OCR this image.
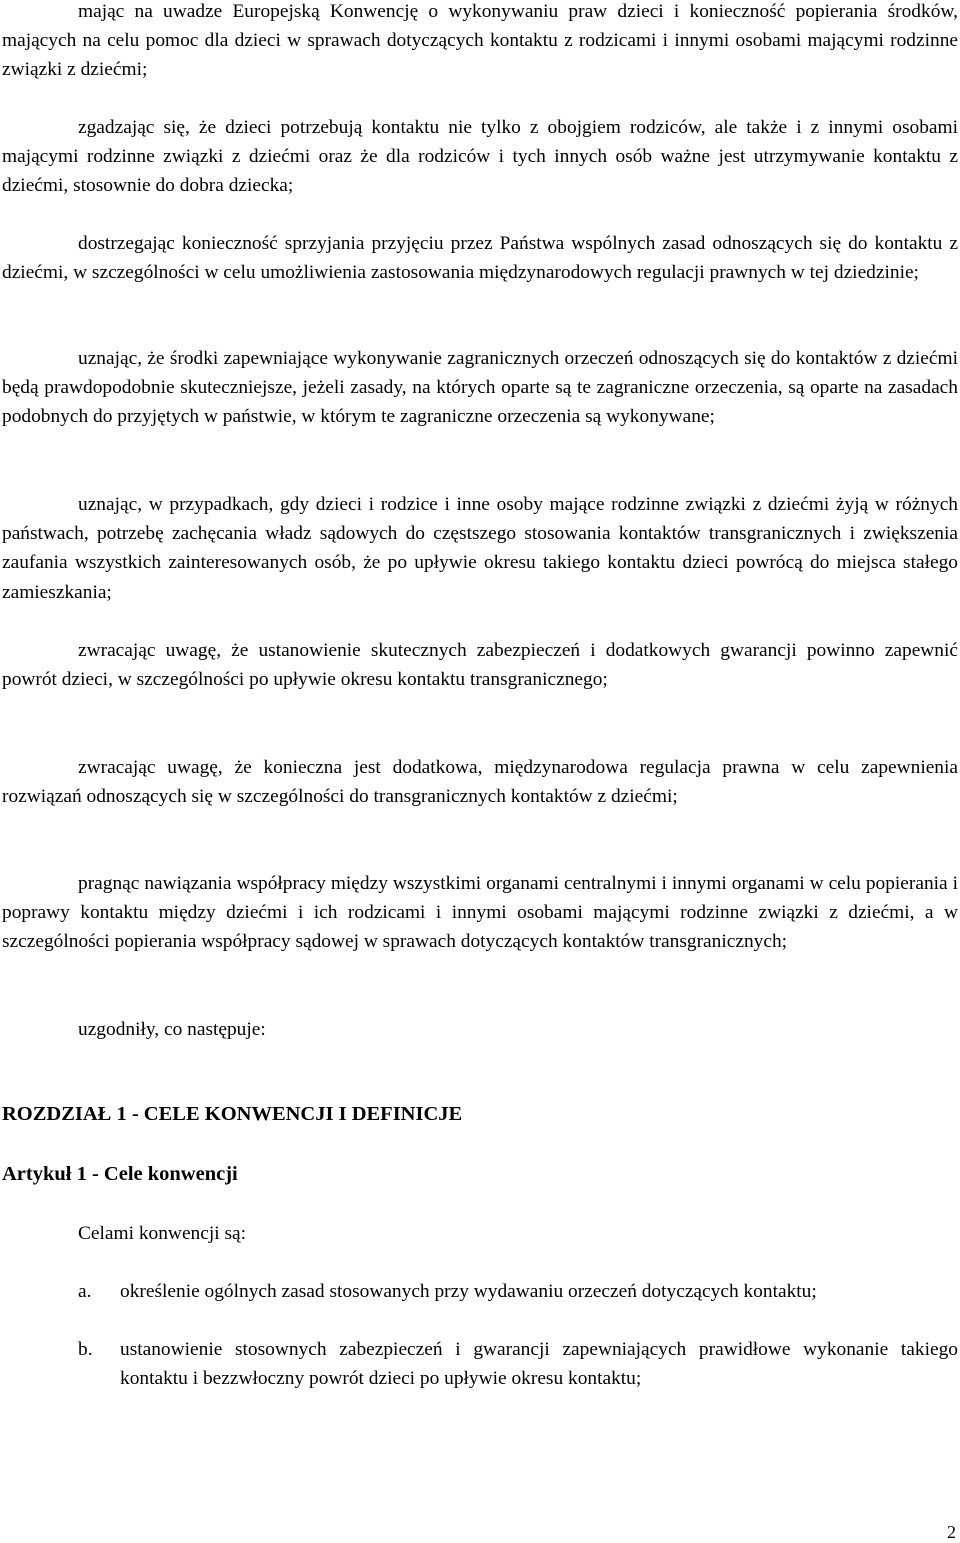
mając na uwadze Europejską Konwencję o wykonywaniu praw dzieci i konieczność popierania środków, mających na celu pomoc dla dzieci w sprawach dotyczących kontaktu z rodzicami i innymi osobami mającymi rodzinne związki z dziećmi;

zgadzając się, że dzieci potrzebują kontaktu nie tylko z obojgiem rodziców, ale także i z innymi osobami mającymi rodzinne związki z dziećmi oraz że dla rodziców i tych innych osób ważne jest utrzymywanie kontaktu z dziećmi, stosownie do dobra dziecka;

dostrzegając konieczność sprzyjania przyjęciu przez Państwa wspólnych zasad odnoszących się do kontaktu z dziećmi, w szczególności w celu umożliwienia zastosowania międzynarodowych regulacji prawnych w tej dziedzinie;

uznając, że środki zapewniające wykonywanie zagranicznych orzeczeń odnoszących się do kontaktów z dziećmi będą prawdopodobnie skuteczniejsze, jeżeli zasady, na których oparte są te zagraniczne orzeczenia, są oparte na zasadach podobnych do przyjętych w państwie, w którym te zagraniczne orzeczenia są wykonywane;

uznając, w przypadkach, gdy dzieci i rodzice i inne osoby mające rodzinne związki z dziećmi żyją w różnych państwach, potrzebę zachęcania władz sądowych do częstszego stosowania kontaktów transgranicznych i zwiększenia zaufania wszystkich zainteresowanych osób, że po upływie okresu takiego kontaktu dzieci powrócą do miejsca stałego zamieszkania;

zwracając uwagę, że ustanowienie skutecznych zabezpieczeń i dodatkowych gwarancji powinno zapewnić powrót dzieci, w szczególności po upływie okresu kontaktu transgranicznego;

zwracając uwagę, że konieczna jest dodatkowa, międzynarodowa regulacja prawna w celu zapewnienia rozwiązań odnoszących się w szczególności do transgranicznych kontaktów z dziećmi;

pragnąc nawiązania współpracy między wszystkimi organami centralnymi i innymi organami w celu popierania i poprawy kontaktu między dziećmi i ich rodzicami i innymi osobami mającymi rodzinne związki z dziećmi, a w szczególności popierania współpracy sądowej w sprawach dotyczących kontaktów transgranicznych;

uzgodniły, co następuje:

ROZDZIAŁ 1 - CELE KONWENCJI I DEFINICJE
Artykuł 1 - Cele konwencji

Celami konwencji są:

a.	określenie ogólnych zasad stosowanych przy wydawaniu orzeczeń dotyczących kontaktu;
b.	ustanowienie stosownych zabezpieczeń i gwarancji zapewniających prawidłowe wykonanie takiego kontaktu i bezzwłoczny powrót dzieci po upływie okresu kontaktu;
2
